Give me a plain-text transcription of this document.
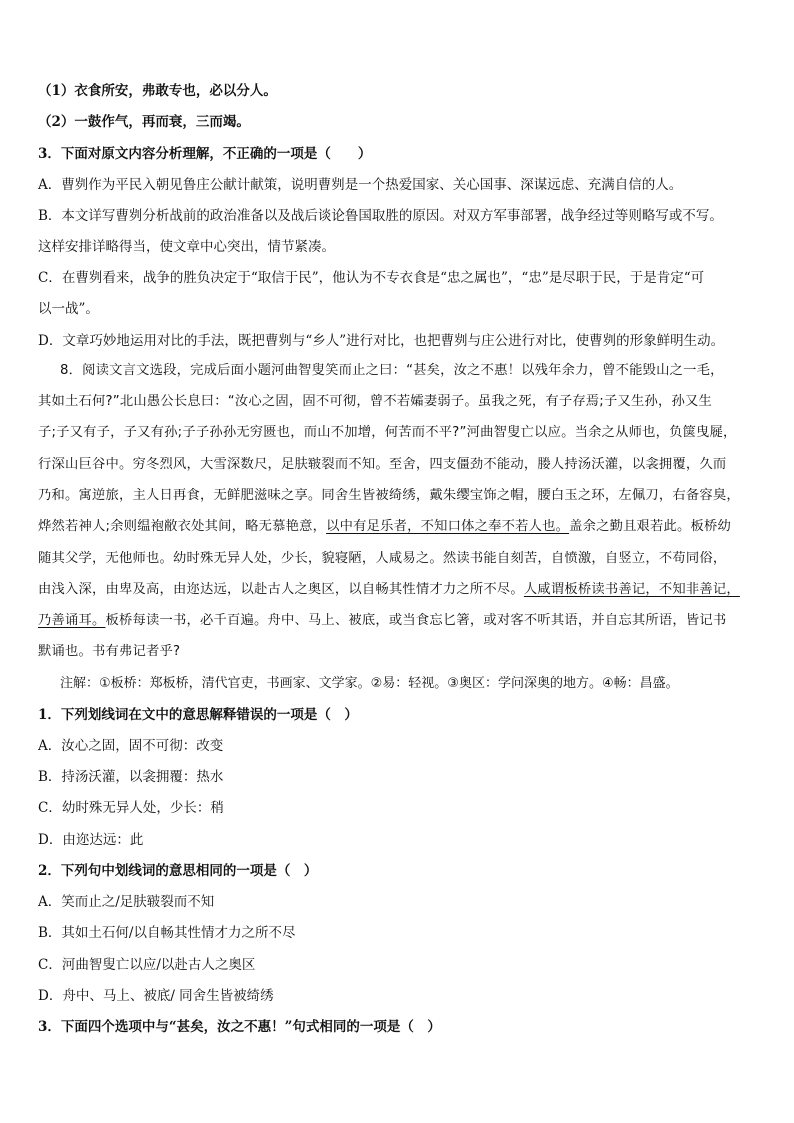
（1）衣食所安，弗敢专也，必以分人。
（2）一鼓作气，再而衰，三而竭。
3．下面对原文内容分析理解，不正确的一项是（　　）
A．曹刿作为平民入朝见鲁庄公献计献策，说明曹刿是一个热爱国家、关心国事、深谋远虑、充满自信的人。
B．本文详写曹刿分析战前的政治准备以及战后谈论鲁国取胜的原因。对双方军事部署，战争经过等则略写或不写。
这样安排详略得当，使文章中心突出，情节紧凑。
C．在曹刿看来，战争的胜负决定于“取信于民”，他认为不专衣食是“忠之属也”，“忠”是尽职于民，于是肯定“可
以一战”。
D．文章巧妙地运用对比的手法，既把曹刿与“乡人”进行对比，也把曹刿与庄公进行对比，使曹刿的形象鲜明生动。
8．阅读文言文选段，完成后面小题河曲智叟笑而止之曰：“甚矣，汝之不惠！以残年余力，曾不能毁山之一毛，
其如土石何?”北山愚公长息曰：“汝心之固，固不可彻，曾不若孀妻弱子。虽我之死，有子存焉;子又生孙，孙又生
子;子又有子，子又有孙;子子孙孙无穷匮也，而山不加增，何苦而不平?”河曲智叟亡以应。当余之从师也，负箧曳屣，
行深山巨谷中。穷冬烈风，大雪深数尺，足肤皲裂而不知。至舍，四支僵劲不能动，媵人持汤沃灌，以衾拥覆，久而
乃和。寓逆旅，主人日再食，无鲜肥滋味之享。同舍生皆被绮绣，戴朱缨宝饰之帽，腰白玉之环，左佩刀，右备容臭，
烨然若神人;余则缊袍敝衣处其间，略无慕艳意，以中有足乐者，不知口体之奉不若人也。盖余之勤且艰若此。板桥幼
随其父学，无他师也。幼时殊无异人处，少长，貌寝陋，人咸易之。然读书能自刻苦，自愤激，自竖立，不苟同俗，
由浅入深，由卑及高，由迩达远，以赴古人之奥区，以自畅其性情才力之所不尽。人咸谓板桥读书善记，不知非善记，
乃善诵耳。板桥每读一书，必千百遍。舟中、马上、被底，或当食忘匕箸，或对客不听其语，并自忘其所语，皆记书
默诵也。书有弗记者乎?
注解：①板桥：郑板桥，清代官吏，书画家、文学家。②易：轻视。③奥区：学问深奥的地方。④畅：昌盛。
1．下列划线词在文中的意思解释错误的一项是（　）
A．汝心之固，固不可彻：改变
B．持汤沃灌，以衾拥覆：热水
C．幼时殊无异人处，少长：稍
D．由迩达远：此
2．下列句中划线词的意思相同的一项是（　）
A．笑而止之/足肤皲裂而不知
B．其如土石何/以自畅其性情才力之所不尽
C．河曲智叟亡以应/以赴古人之奥区
D．舟中、马上、被底/ 同舍生皆被绮绣
3．下面四个选项中与“甚矣，汝之不惠！”句式相同的一项是（　）
